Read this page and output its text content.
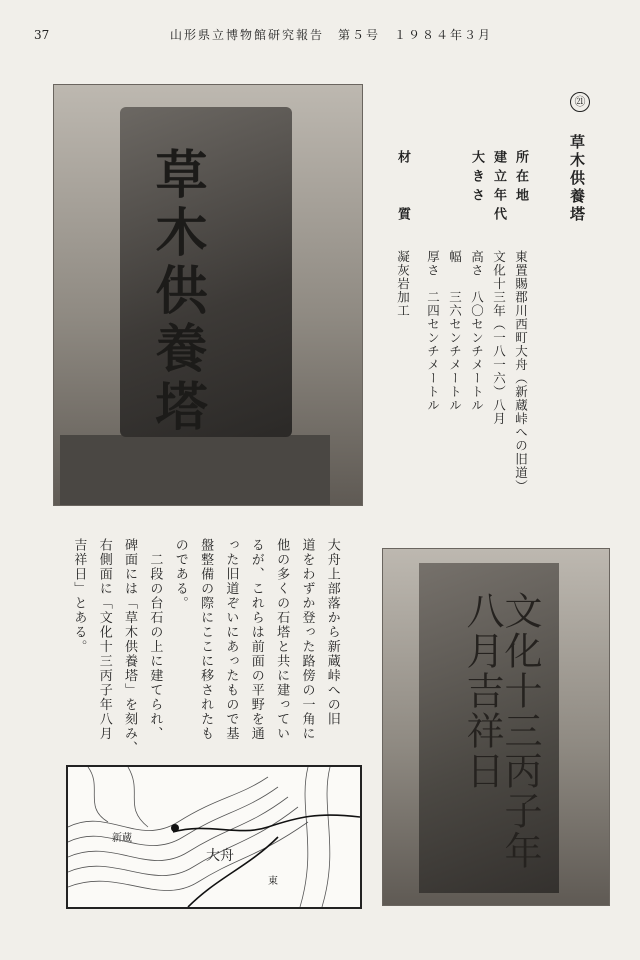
37	山形県立博物館研究報告　第５号　１９８４年３月
草木供養塔
㉑
草木供養塔
所在地
建立年代
大きさ
材　　質
東置賜郡川西町大舟（新蔵峠への旧道）
文化十三年（一八一六）八月
高さ　八〇センチメートル
幅　　三六センチメートル
厚さ　二四センチメートル
凝灰岩加工
大舟上部落から新蔵峠への旧
道をわずか登った路傍の一角に
他の多くの石塔と共に建ってい
るが、これらは前面の平野を通
った旧道ぞいにあったもので基
盤整備の際にここに移されたも
のである。
　二段の台石の上に建てられ、
碑面には「草木供養塔」を刻み、
右側面に「文化十三丙子年八月
吉祥日」とある。	文化十三丙子年八月吉祥日
大舟
東
新蔵
